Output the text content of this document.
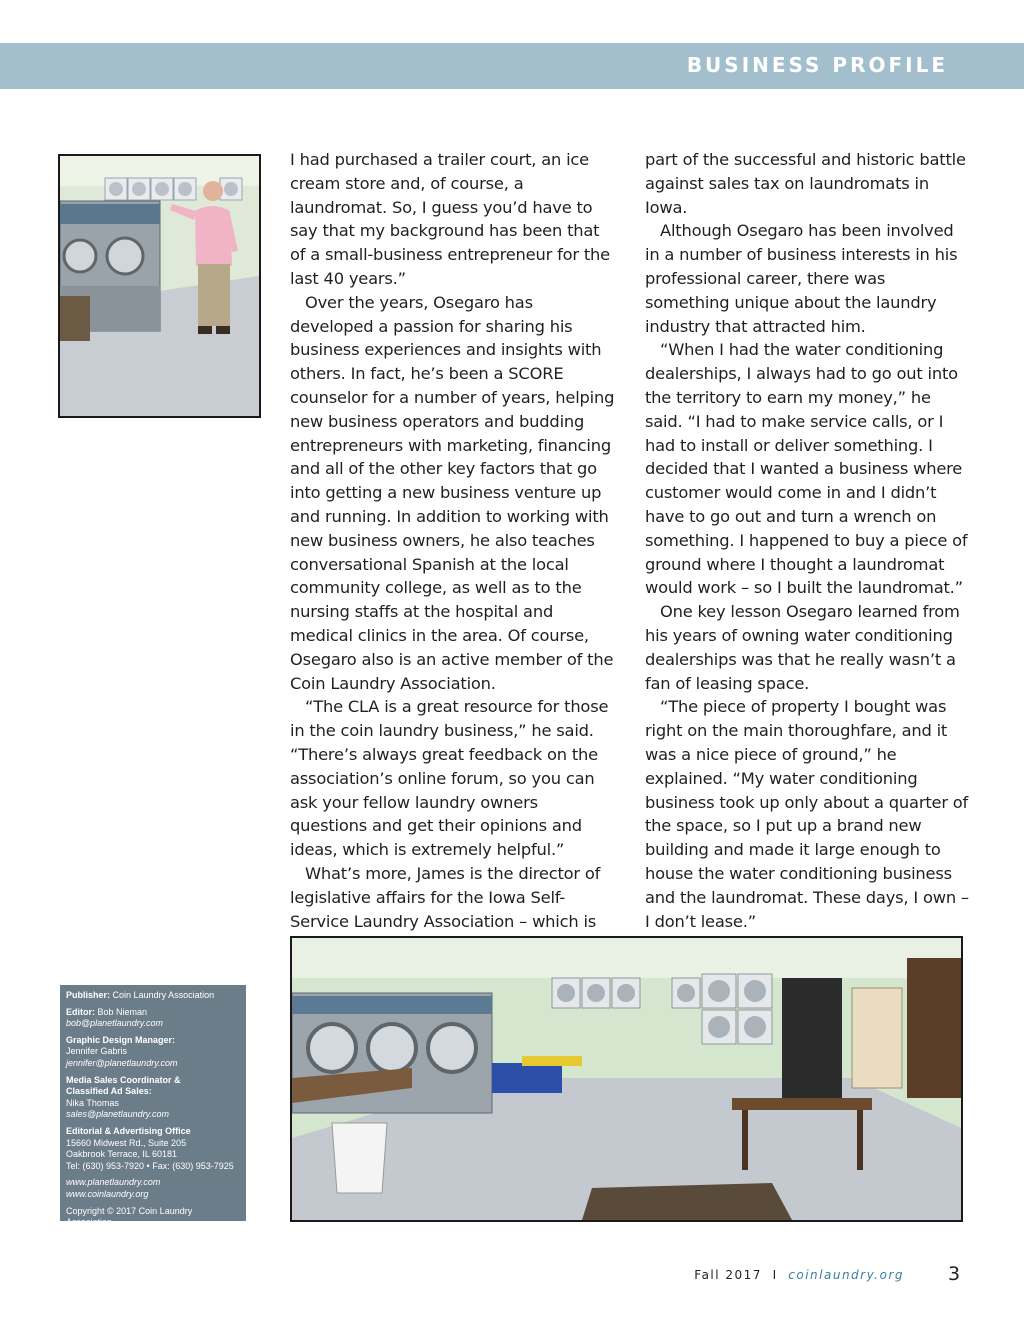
BUSINESS PROFILE

I had purchased a trailer court, an ice cream store and, of course, a laundromat. So, I guess you’d have to say that my background has been that of a small-business entrepreneur for the last 40 years.”

Over the years, Osegaro has developed a passion for sharing his business experiences and insights with others. In fact, he’s been a SCORE counselor for a number of years, helping new business operators and budding entrepreneurs with marketing, financing and all of the other key factors that go into getting a new business venture up and running. In addition to working with new business owners, he also teaches conversational Spanish at the local community college, as well as to the nursing staffs at the hospital and medical clinics in the area. Of course, Osegaro also is an active member of the Coin Laundry Association.

“The CLA is a great resource for those in the coin laundry business,” he said. “There’s always great feedback on the association’s online forum, so you can ask your fellow laundry owners questions and get their opinions and ideas, which is extremely helpful.”

What’s more, James is the director of legislative affairs for the Iowa Self-Service Laundry Association – which is

part of the successful and historic battle against sales tax on laundromats in Iowa.

Although Osegaro has been involved in a number of business interests in his professional career, there was something unique about the laundry industry that attracted him.

“When I had the water conditioning dealerships, I always had to go out into the territory to earn my money,” he said. “I had to make service calls, or I had to install or deliver something. I decided that I wanted a business where customer would come in and I didn’t have to go out and turn a wrench on something. I happened to buy a piece of ground where I thought a laundromat would work – so I built the laundromat.”

One key lesson Osegaro learned from his years of owning water conditioning dealerships was that he really wasn’t a fan of leasing space.

“The piece of property I bought was right on the main thoroughfare, and it was a nice piece of ground,” he explained. “My water conditioning business took up only about a quarter of the space, so I put up a brand new building and made it large enough to house the water conditioning business and the laundromat. These days, I own – I don’t lease.”

Publisher: Coin Laundry Association
Editor: Bob Nieman
bob@planetlaundry.com
Graphic Design Manager:
Jennifer Gabris
jennifer@planetlaundry.com
Media Sales Coordinator &
Classified Ad Sales:
Nika Thomas
sales@planetlaundry.com
Editorial & Advertising Office
15660 Midwest Rd., Suite 205
Oakbrook Terrace, IL 60181
Tel: (630) 953-7920 • Fax: (630) 953-7925
www.planetlaundry.com
www.coinlaundry.org
Copyright © 2017 Coin Laundry Association
Fall 2017 I coinlaundry.org 3
